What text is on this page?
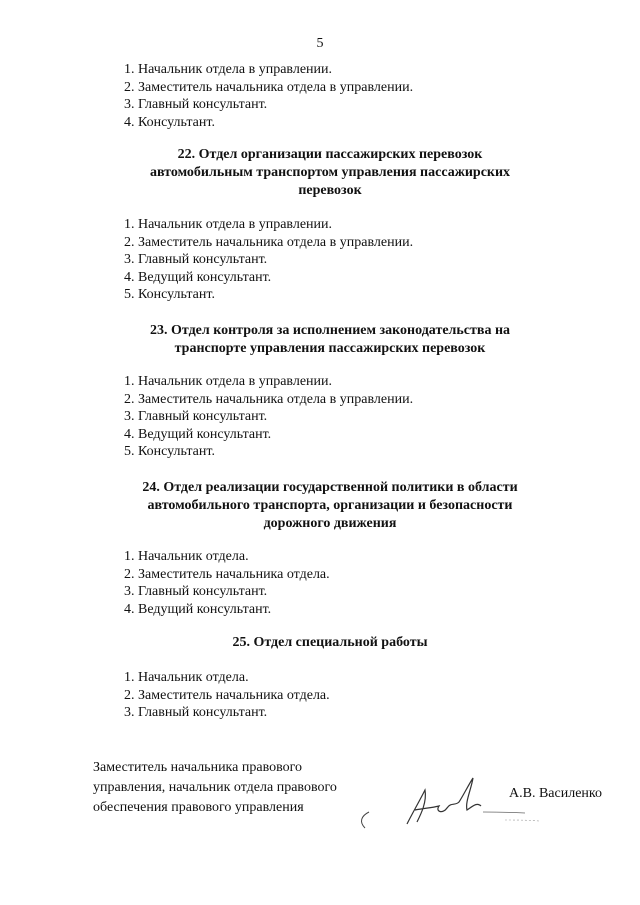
5
1. Начальник отдела в управлении.
2. Заместитель начальника отдела в управлении.
3. Главный консультант.
4. Консультант.
22. Отдел организации пассажирских перевозок
автомобильным транспортом управления пассажирских
перевозок
1. Начальник отдела в управлении.
2. Заместитель начальника отдела в управлении.
3. Главный консультант.
4. Ведущий консультант.
5. Консультант.
23. Отдел контроля за исполнением законодательства на
транспорте управления пассажирских перевозок
1. Начальник отдела в управлении.
2. Заместитель начальника отдела в управлении.
3. Главный консультант.
4. Ведущий консультант.
5. Консультант.
24. Отдел реализации государственной политики в области
автомобильного транспорта, организации и безопасности
дорожного движения
1. Начальник отдела.
2. Заместитель начальника отдела.
3. Главный консультант.
4. Ведущий консультант.
25. Отдел специальной работы
1. Начальник отдела.
2. Заместитель начальника отдела.
3. Главный консультант.

Заместитель начальника правового
управления, начальник отдела правового
обеспечения правового управления

А.В. Василенко
